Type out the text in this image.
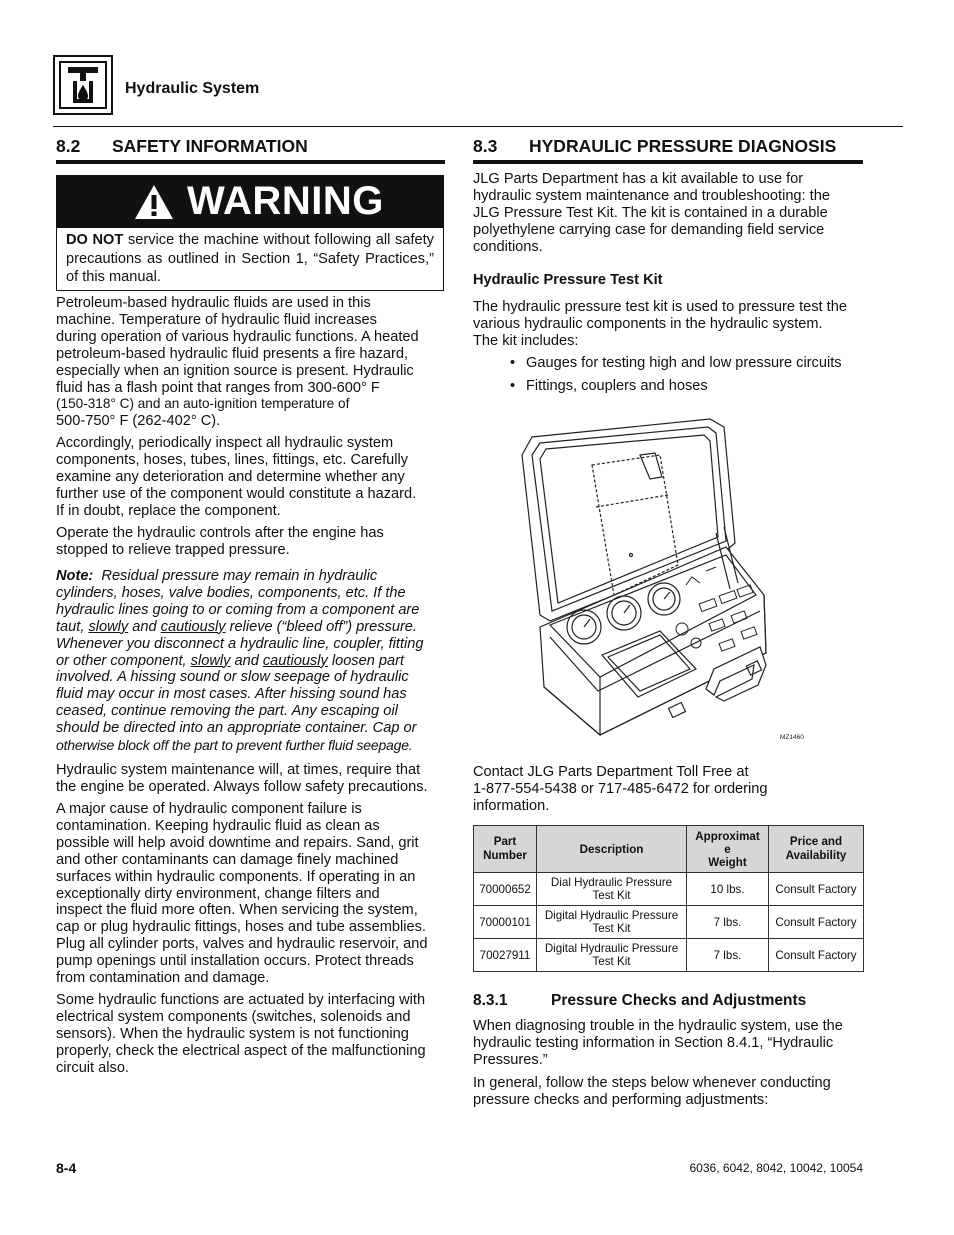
Hydraulic System
8.2 SAFETY INFORMATION
WARNING
DO NOT service the machine without following all safety precautions as outlined in Section 1, “Safety Practices,” of this manual.

Petroleum-based hydraulic fluids are used in this

machine. Temperature of hydraulic fluid increases

during operation of various hydraulic functions. A heated

petroleum-based hydraulic fluid presents a fire hazard,

especially when an ignition source is present. Hydraulic

fluid has a flash point that ranges from 300-600° F

(150-318° C) and an auto-ignition temperature of

500-750° F (262-402° C).

Accordingly, periodically inspect all hydraulic system

components, hoses, tubes, lines, fittings, etc. Carefully

examine any deterioration and determine whether any

further use of the component would constitute a hazard.

If in doubt, replace the component.

Operate the hydraulic controls after the engine has

stopped to relieve trapped pressure.

Note: Residual pressure may remain in hydraulic

cylinders, hoses, valve bodies, components, etc. If the

hydraulic lines going to or coming from a component are

taut, slowly and cautiously relieve (“bleed off”) pressure.

Whenever you disconnect a hydraulic line, coupler, fitting

or other component, slowly and cautiously loosen part

involved. A hissing sound or slow seepage of hydraulic

fluid may occur in most cases. After hissing sound has

ceased, continue removing the part. Any escaping oil

should be directed into an appropriate container. Cap or

otherwise block off the part to prevent further fluid seepage.

Hydraulic system maintenance will, at times, require that

the engine be operated. Always follow safety precautions.

A major cause of hydraulic component failure is

contamination. Keeping hydraulic fluid as clean as

possible will help avoid downtime and repairs. Sand, grit

and other contaminants can damage finely machined

surfaces within hydraulic components. If operating in an

exceptionally dirty environment, change filters and

inspect the fluid more often. When servicing the system,

cap or plug hydraulic fittings, hoses and tube assemblies.

Plug all cylinder ports, valves and hydraulic reservoir, and

pump openings until installation occurs. Protect threads

from contamination and damage.

Some hydraulic functions are actuated by interfacing with

electrical system components (switches, solenoids and

sensors). When the hydraulic system is not functioning

properly, check the electrical aspect of the malfunctioning

circuit also.

8.3 HYDRAULIC PRESSURE DIAGNOSIS

JLG Parts Department has a kit available to use for

hydraulic system maintenance and troubleshooting: the

JLG Pressure Test Kit. The kit is contained in a durable

polyethylene carrying case for demanding field service

conditions.

Hydraulic Pressure Test Kit

The hydraulic pressure test kit is used to pressure test the

various hydraulic components in the hydraulic system.

The kit includes:

• Gauges for testing high and low pressure circuits
• Fittings, couplers and hoses
MZ1460

Contact JLG Parts Department Toll Free at

1-877-554-5438 or 717-485-6472 for ordering

information.

Part
Number	Description	Approximat
e
Weight	Price and
Availability
70000652	Dial Hydraulic Pressure
Test Kit	10 lbs.	Consult Factory
70000101	Digital Hydraulic Pressure
Test Kit	7 lbs.	Consult Factory
70027911	Digital Hydraulic Pressure
Test Kit	7 lbs.	Consult Factory
8.3.1	Pressure Checks and Adjustments

When diagnosing trouble in the hydraulic system, use the

hydraulic testing information in Section 8.4.1, “Hydraulic

Pressures.”

In general, follow the steps below whenever conducting

pressure checks and performing adjustments:

8-4	6036, 6042, 8042, 10042, 10054
